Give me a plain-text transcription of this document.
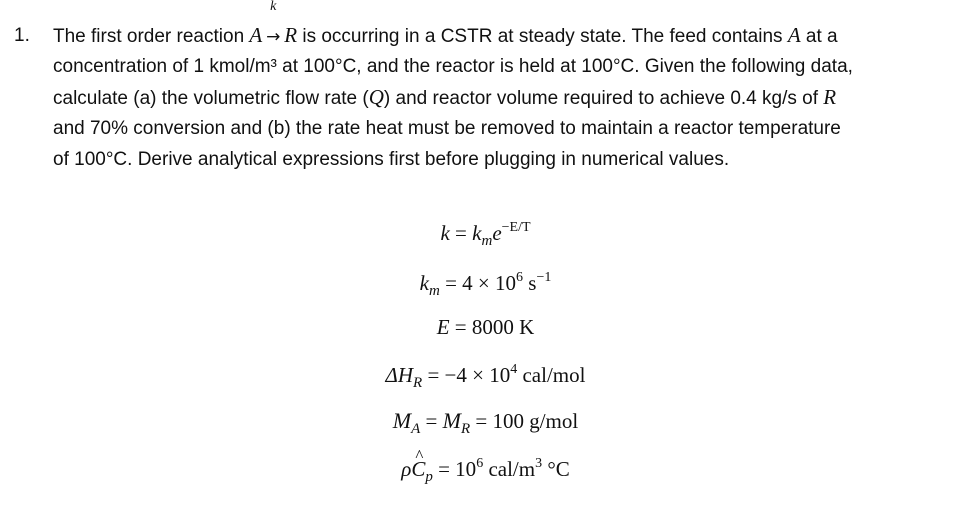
1. The first order reaction A
k
→ R is occurring in a CSTR at steady state. The feed contains A at a
concentration of 1 kmol/m³ at 100°C, and the reactor is held at 100°C. Given the following data,
calculate (a) the volumetric flow rate (Q) and reactor volume required to achieve 0.4 kg/s of R
and 70% conversion and (b) the rate heat must be removed to maintain a reactor temperature
of 100°C. Derive analytical expressions first before plugging in numerical values.
$k = k_me^{-E/T}$
$k_m = 4 \times 10^6$ $s^{-1}$
E = 8000 K
$\Delta H_R = -4 \times 10^4$ cal/mol
$M_A = M_R = 100$ g/mol
ρ^ $C_p = 10^6$ cal/$m^3$ °C
